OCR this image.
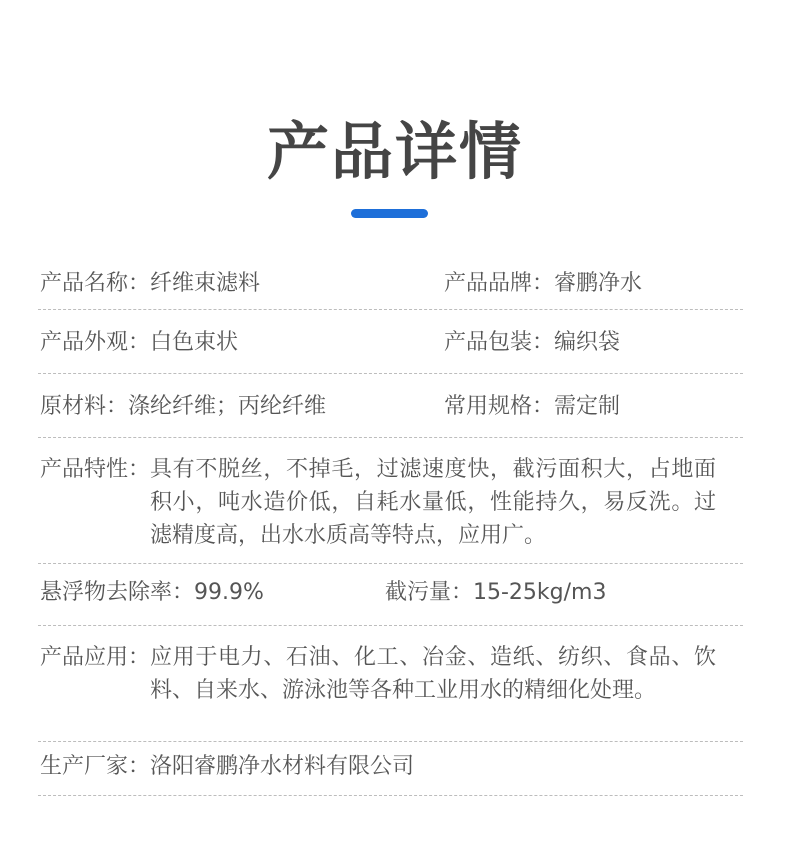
产品详情
产品名称：纤维束滤料	产品品牌：睿鹏净水
产品外观：白色束状	产品包装：编织袋
原材料：涤纶纤维；丙纶纤维	常用规格：需定制
产品特性： 具有不脱丝，不掉毛，过滤速度快，截污面积大，占地面积小，吨水造价低，自耗水量低，性能持久，易反洗。过滤精度高，出水水质高等特点，应用广。
悬浮物去除率：99.9%	截污量：15-25kg/m3
产品应用： 应用于电力、石油、化工、冶金、造纸、纺织、食品、饮料、自来水、游泳池等各种工业用水的精细化处理。
生产厂家：洛阳睿鹏净水材料有限公司
